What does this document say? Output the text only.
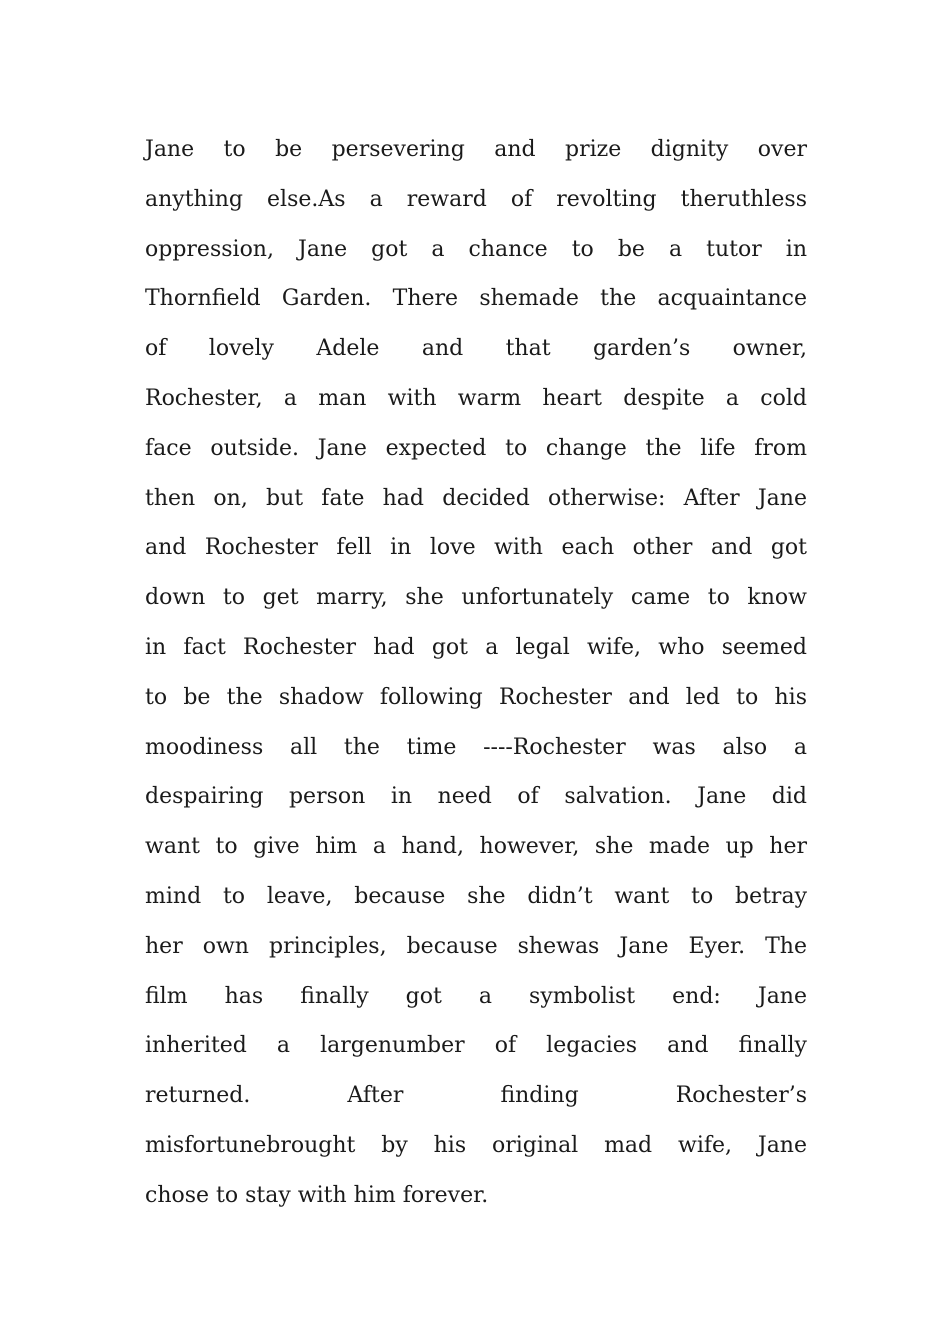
Jane to be persevering and prize dignity over
anything else.As a reward of revolting theruthless
oppression, Jane got a chance to be a tutor in
Thornfield Garden. There shemade the acquaintance
of lovely Adele and that garden’s owner,
Rochester, a man with warm heart despite a cold
face outside. Jane expected to change the life from
then on, but fate had decided otherwise: After Jane
and Rochester fell in love with each other and got
down to get marry, she unfortunately came to know
in fact Rochester had got a legal wife, who seemed
to be the shadow following Rochester and led to his
moodiness all the time ----Rochester was also a
despairing person in need of salvation. Jane did
want to give him a hand, however, she made up her
mind to leave, because she didn’t want to betray
her own principles, because shewas Jane Eyer. The
film has finally got a symbolist end: Jane
inherited a largenumber of legacies and finally
returned. After finding Rochester’s
misfortunebrought by his original mad wife, Jane
chose to stay with him forever.
